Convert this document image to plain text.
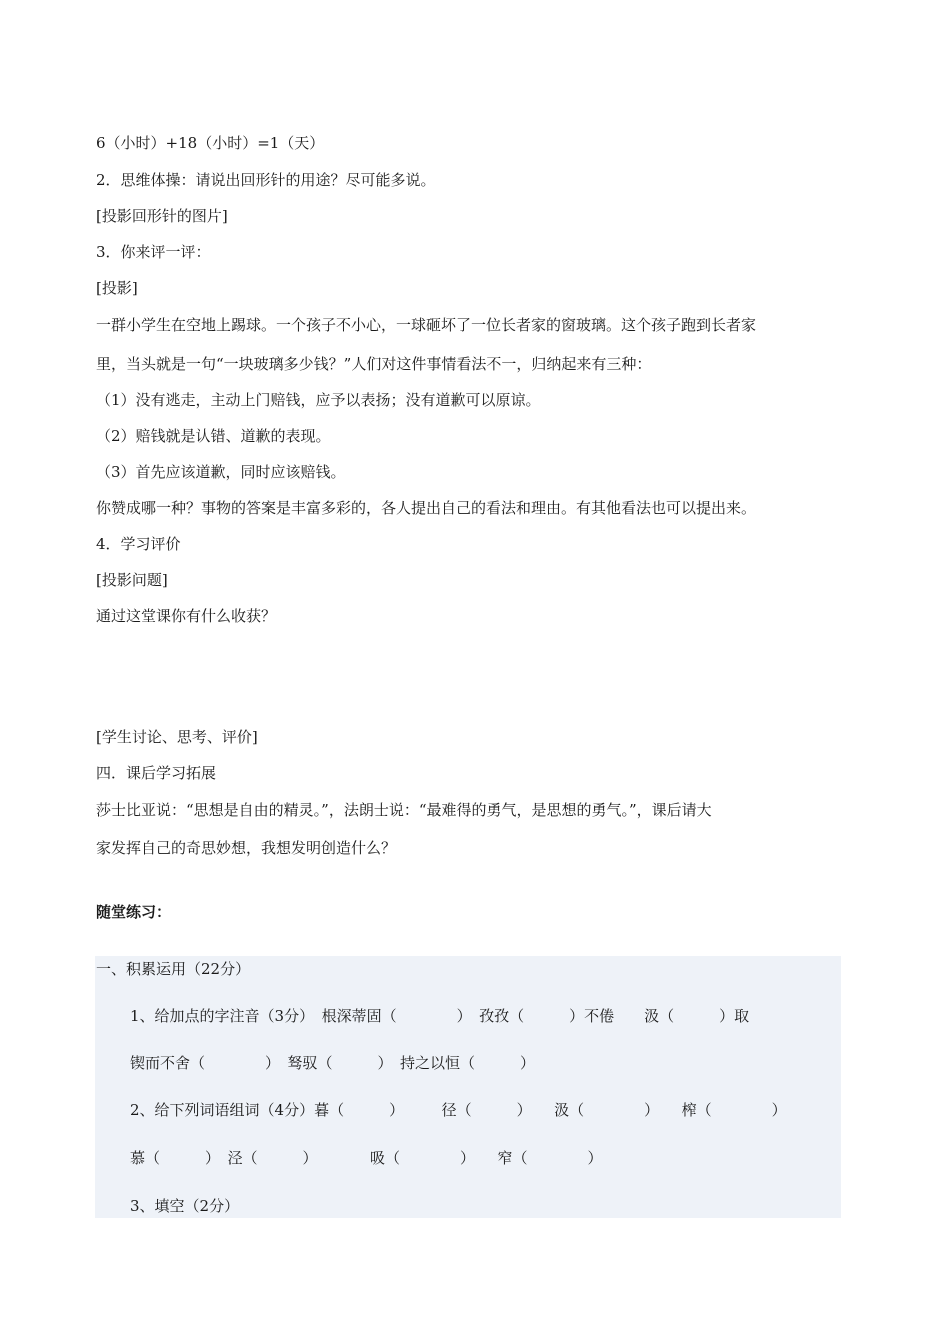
6（小时）+18（小时）=1（天）
2．思维体操：请说出回形针的用途？尽可能多说。
[投影回形针的图片]
3．你来评一评：
[投影]
一群小学生在空地上踢球。一个孩子不小心，一球砸坏了一位长者家的窗玻璃。这个孩子跑到长者家
里，当头就是一句“一块玻璃多少钱？”人们对这件事情看法不一，归纳起来有三种：
（1）没有逃走，主动上门赔钱，应予以表扬；没有道歉可以原谅。
（2）赔钱就是认错、道歉的表现。
（3）首先应该道歉，同时应该赔钱。
你赞成哪一种？事物的答案是丰富多彩的，各人提出自己的看法和理由。有其他看法也可以提出来。
4．学习评价
[投影问题]
通过这堂课你有什么收获？
[学生讨论、思考、评价]
四．课后学习拓展
莎士比亚说：“思想是自由的精灵。”，法朗士说：“最难得的勇气，是思想的勇气。”，课后请大
家发挥自己的奇思妙想，我想发明创造什么？
随堂练习：
一、积累运用（22分）
1、给加点的字注音（3分）　根深蒂固（　　　　）　孜孜（　　　）不倦　　汲（　　　）取
锲而不舍（　　　　）　驽驭（　　　）　持之以恒（　　　）
2、给下列词语组词（4分）暮（　　　）　　　径（　　　）　　汲（　　　　）　　榨（　　　　）
慕（　　　）　泾（　　　）　　　　吸（　　　　）　　窄（　　　　）
3、填空（2分）
